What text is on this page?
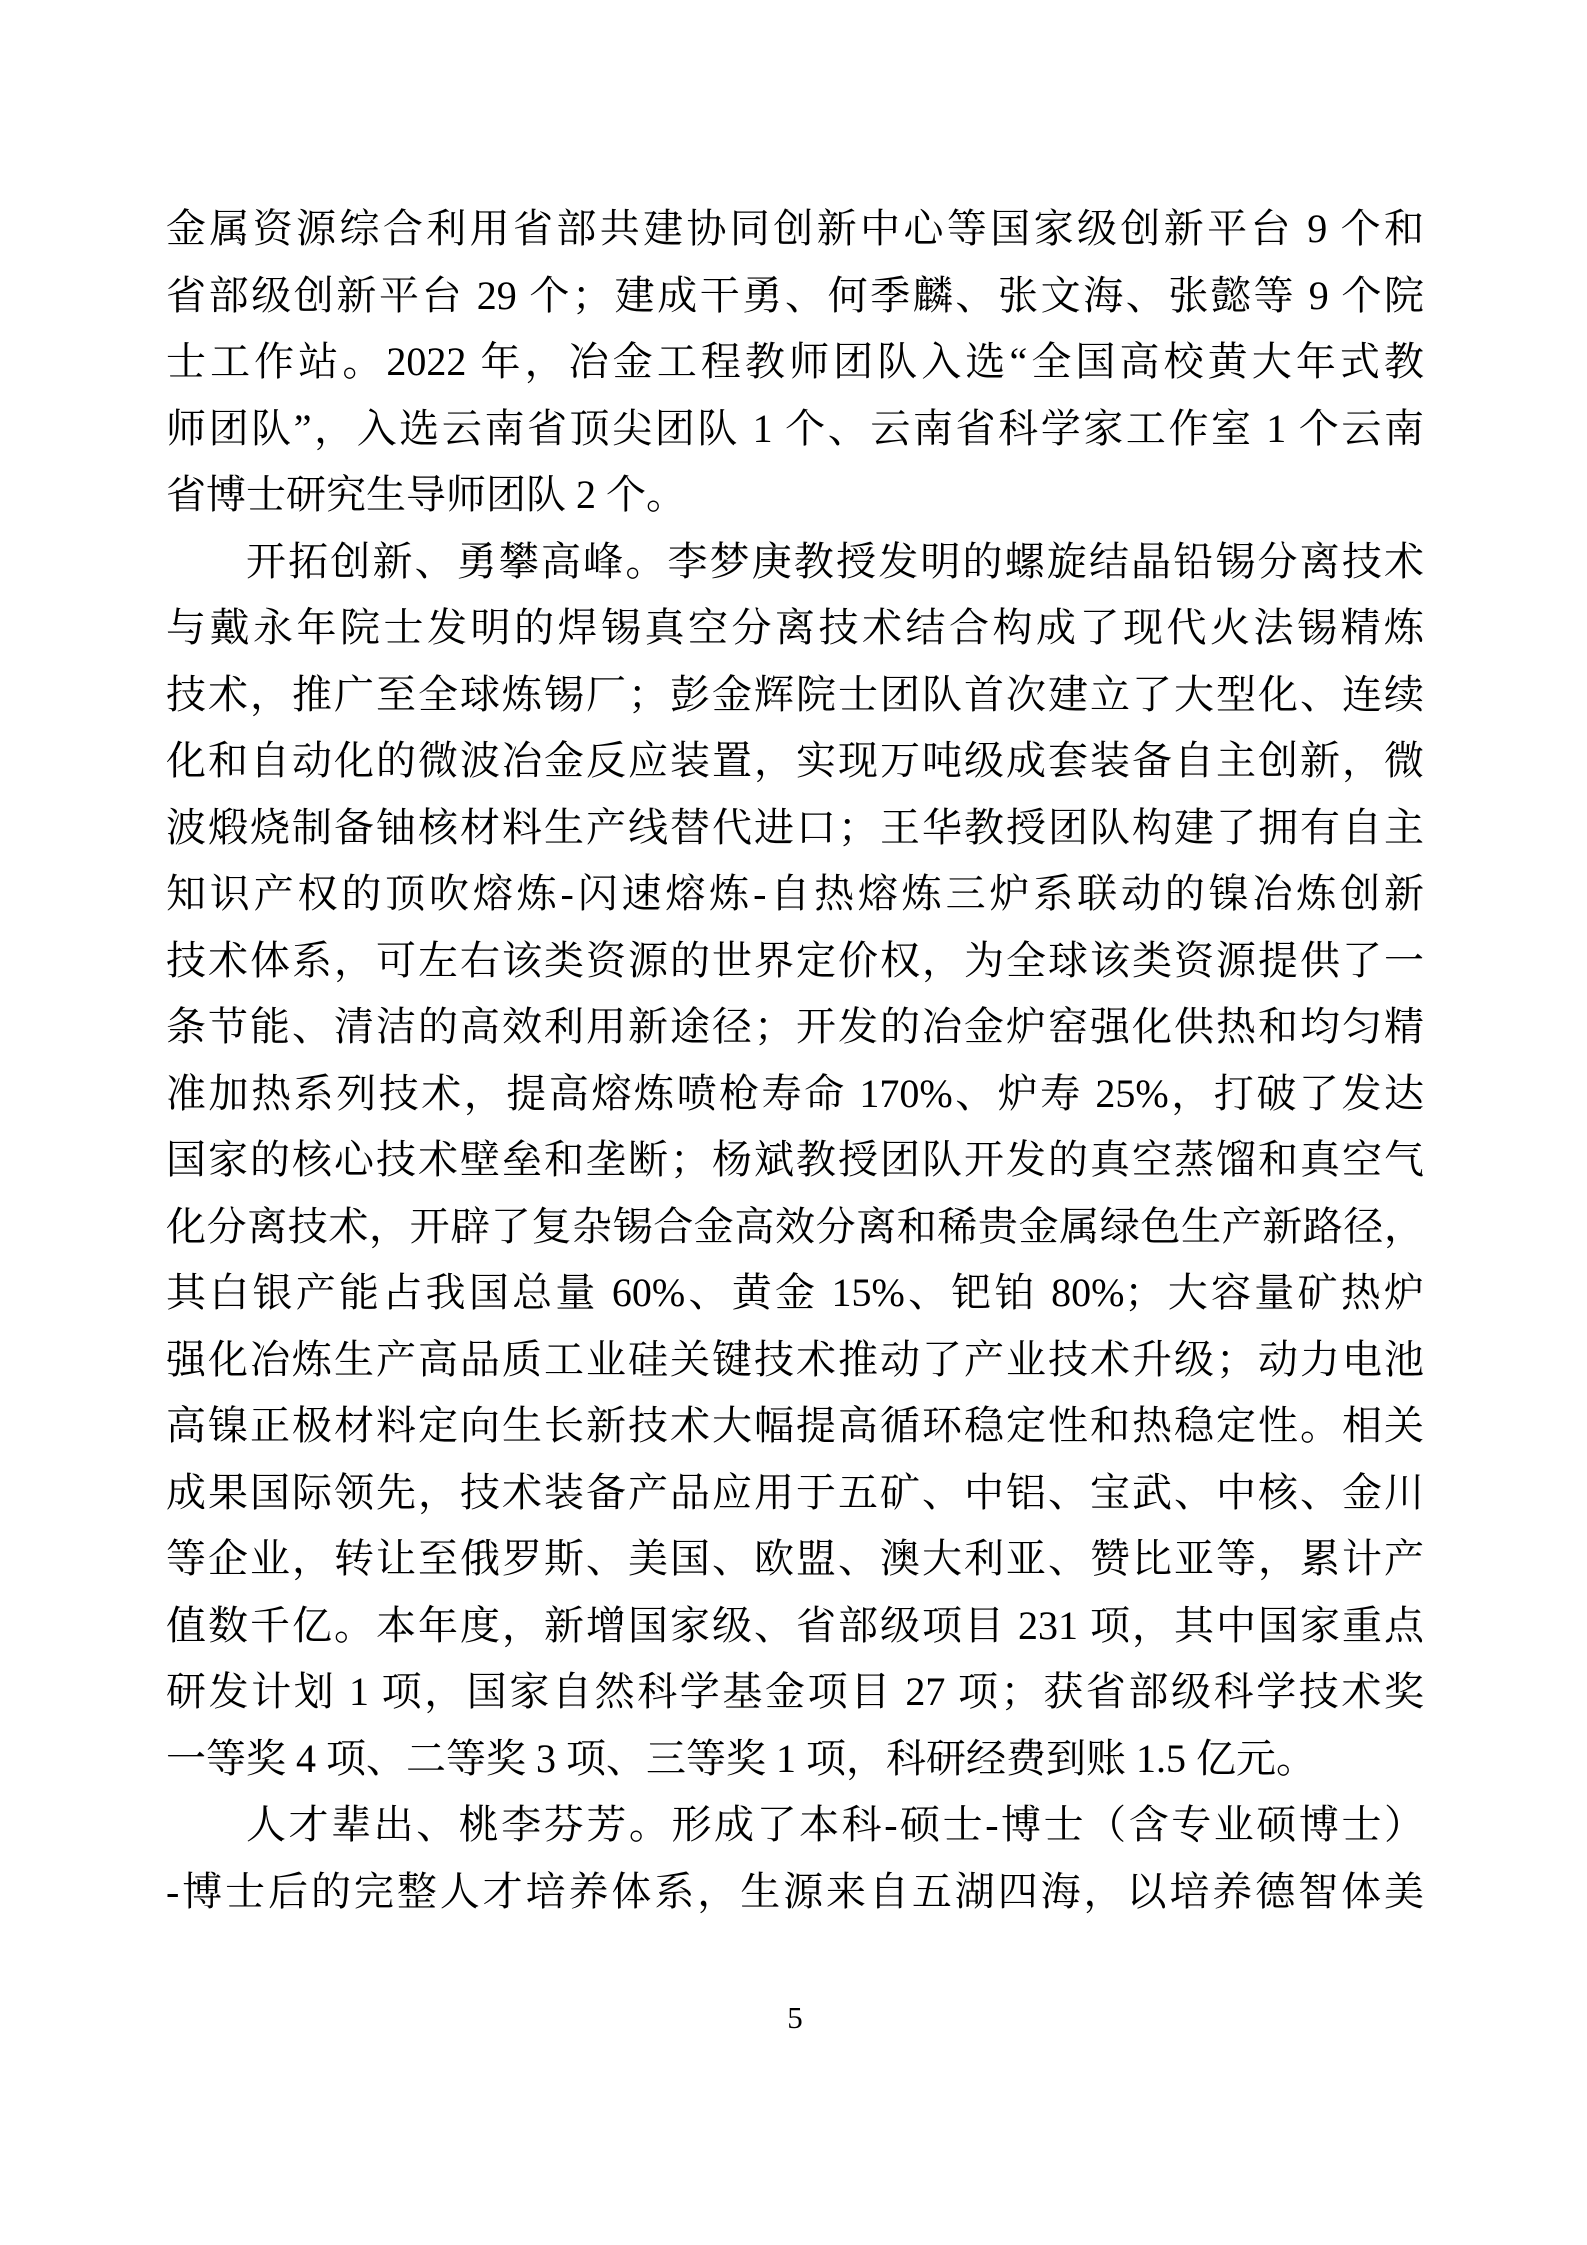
金属资源综合利用省部共建协同创新中心等国家级创新平台 9 个和
省部级创新平台 29 个；建成干勇、何季麟、张文海、张懿等 9 个院
士工作站。2022 年，冶金工程教师团队入选“全国高校黄大年式教
师团队”，入选云南省顶尖团队 1 个、云南省科学家工作室 1 个云南
省博士研究生导师团队 2 个。
开拓创新、勇攀高峰。李梦庚教授发明的螺旋结晶铅锡分离技术
与戴永年院士发明的焊锡真空分离技术结合构成了现代火法锡精炼
技术，推广至全球炼锡厂；彭金辉院士团队首次建立了大型化、连续
化和自动化的微波冶金反应装置，实现万吨级成套装备自主创新，微
波煅烧制备铀核材料生产线替代进口；王华教授团队构建了拥有自主
知识产权的顶吹熔炼-闪速熔炼-自热熔炼三炉系联动的镍冶炼创新
技术体系，可左右该类资源的世界定价权，为全球该类资源提供了一
条节能、清洁的高效利用新途径；开发的冶金炉窑强化供热和均匀精
准加热系列技术，提高熔炼喷枪寿命 170%、炉寿 25%，打破了发达
国家的核心技术壁垒和垄断；杨斌教授团队开发的真空蒸馏和真空气
化分离技术，开辟了复杂锡合金高效分离和稀贵金属绿色生产新路径，
其白银产能占我国总量 60%、黄金 15%、钯铂 80%；大容量矿热炉
强化冶炼生产高品质工业硅关键技术推动了产业技术升级；动力电池
高镍正极材料定向生长新技术大幅提高循环稳定性和热稳定性。相关
成果国际领先，技术装备产品应用于五矿、中铝、宝武、中核、金川
等企业，转让至俄罗斯、美国、欧盟、澳大利亚、赞比亚等，累计产
值数千亿。本年度，新增国家级、省部级项目 231 项，其中国家重点
研发计划 1 项，国家自然科学基金项目 27 项；获省部级科学技术奖
一等奖 4 项、二等奖 3 项、三等奖 1 项，科研经费到账 1.5 亿元。
人才辈出、桃李芬芳。形成了本科-硕士-博士（含专业硕博士）
-博士后的完整人才培养体系，生源来自五湖四海，以培养德智体美
5
